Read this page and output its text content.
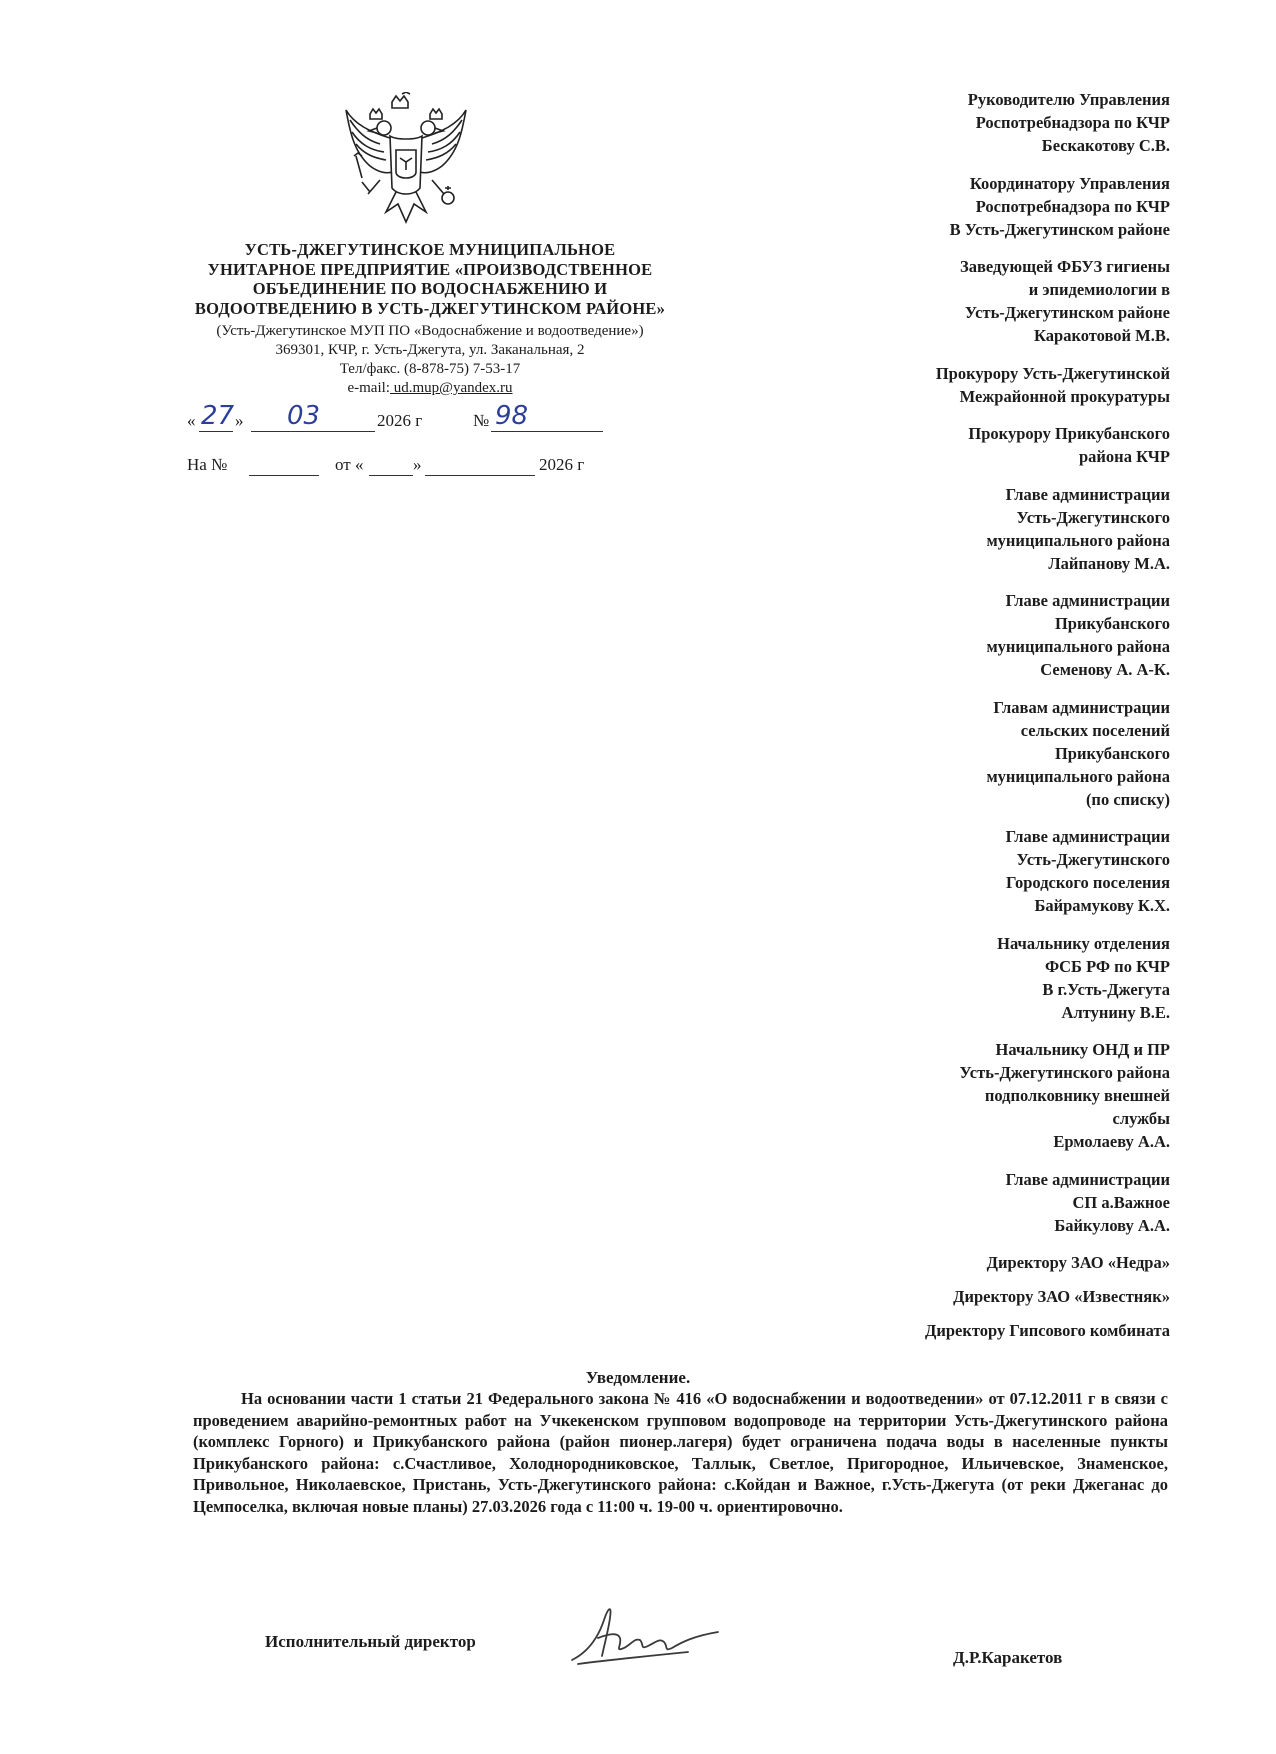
УСТЬ-ДЖЕГУТИНСКОЕ МУНИЦИПАЛЬНОЕ
УНИТАРНОЕ ПРЕДПРИЯТИЕ «ПРОИЗВОДСТВЕННОЕ
ОБЪЕДИНЕНИЕ ПО ВОДОСНАБЖЕНИЮ И
ВОДООТВЕДЕНИЮ В УСТЬ-ДЖЕГУТИНСКОМ РАЙОНЕ»
(Усть-Джегутинское МУП ПО «Водоснабжение и водоотведение»)
369301, КЧР, г. Усть-Джегута, ул. Заканальная, 2
Тел/факс. (8-878-75) 7-53-17
e-mail: ud.mup@yandex.ru
« 27 » 03	2026 г	№ 98
На №	от «	»	2026 г
Руководителю Управления
Роспотребнадзора по КЧР
Бескакотову С.В.
Координатору Управления
Роспотребнадзора по КЧР
В Усть-Джегутинском районе
Заведующей ФБУЗ гигиены
и эпидемиологии в
Усть-Джегутинском районе
Каракотовой М.В.
Прокурору Усть-Джегутинской
Межрайонной прокуратуры
Прокурору Прикубанского
района КЧР
Главе администрации
Усть-Джегутинского
муниципального района
Лайпанову М.А.
Главе администрации
Прикубанского
муниципального района
Семенову А. А-К.
Главам администрации
сельских поселений
Прикубанского
муниципального района
(по списку)
Главе администрации
Усть-Джегутинского
Городского поселения
Байрамукову К.Х.
Начальнику отделения
ФСБ РФ по КЧР
В г.Усть-Джегута
Алтунину В.Е.
Начальнику ОНД и ПР
Усть-Джегутинского района
подполковнику внешней
службы
Ермолаеву А.А.
Главе администрации
СП а.Важное
Байкулову А.А.
Директору ЗАО «Недра»
Директору ЗАО «Известняк»
Директору Гипсового комбината
Уведомление.
На основании части 1 статьи 21 Федерального закона № 416 «О водоснабжении и водоотведении» от 07.12.2011 г в связи с проведением аварийно-ремонтных работ на Учкекенском групповом водопроводе на территории Усть-Джегутинского района (комплекс Горного) и Прикубанского района (район пионер.лагеря) будет ограничена подача воды в населенные пункты Прикубанского района: с.Счастливое, Холоднородниковское, Таллык, Светлое, Пригородное, Ильичевское, Знаменское, Привольное, Николаевское, Пристань, Усть-Джегутинского района: с.Койдан и Важное, г.Усть-Джегута (от реки Джеганас до Цемпоселка, включая новые планы) 27.03.2026 года с 11:00 ч. 19-00 ч. ориентировочно.
Исполнительный директор
Д.Р.Каракетов
